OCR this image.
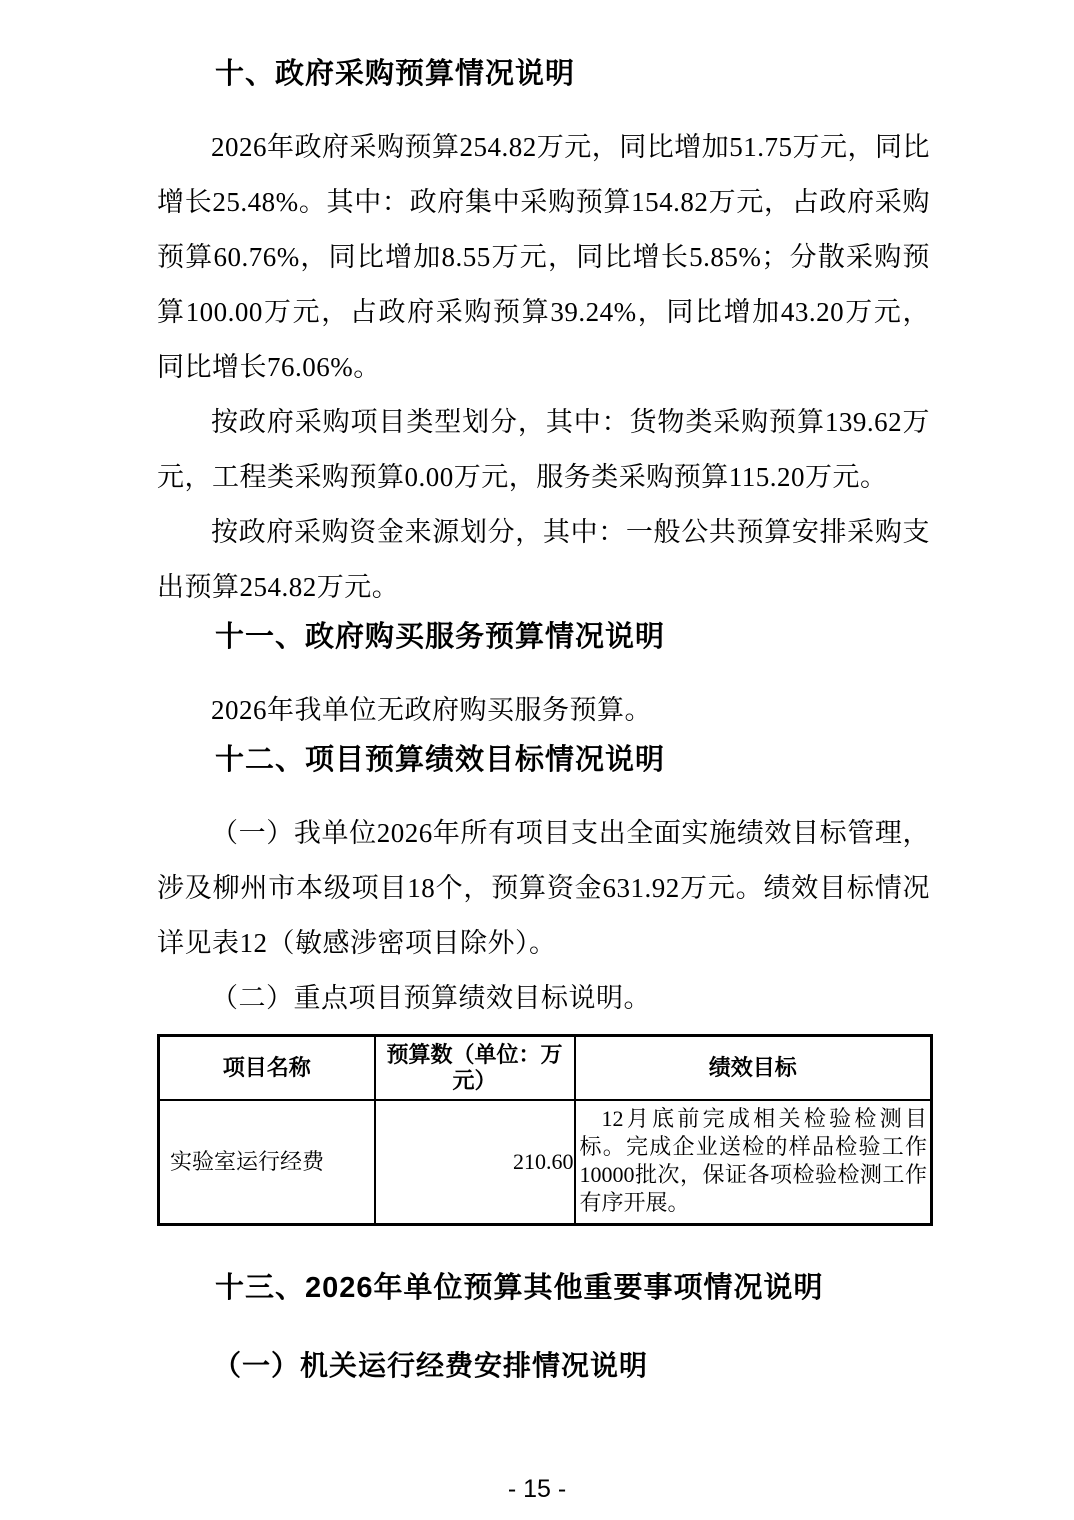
十、政府采购预算情况说明

2026年政府采购预算254.82万元，同比增加51.75万元，同比增长25.48%。其中：政府集中采购预算154.82万元，占政府采购预算60.76%，同比增加8.55万元，同比增长5.85%；分散采购预算100.00万元，占政府采购预算39.24%，同比增加43.20万元，同比增长76.06%。

按政府采购项目类型划分，其中：货物类采购预算139.62万元，工程类采购预算0.00万元，服务类采购预算115.20万元。

按政府采购资金来源划分，其中：一般公共预算安排采购支出预算254.82万元。

十一、政府购买服务预算情况说明

2026年我单位无政府购买服务预算。

十二、项目预算绩效目标情况说明

（一）我单位2026年所有项目支出全面实施绩效目标管理，涉及柳州市本级项目18个，预算资金631.92万元。绩效目标情况详见表12（敏感涉密项目除外）。

（二）重点项目预算绩效目标说明。

项目名称	预算数（单位：万元）	绩效目标
实验室运行经费	210.60	12月底前完成相关检验检测目标。完成企业送检的样品检验工作10000批次，保证各项检验检测工作有序开展。
十三、2026年单位预算其他重要事项情况说明
（一）机关运行经费安排情况说明
- 15 -
